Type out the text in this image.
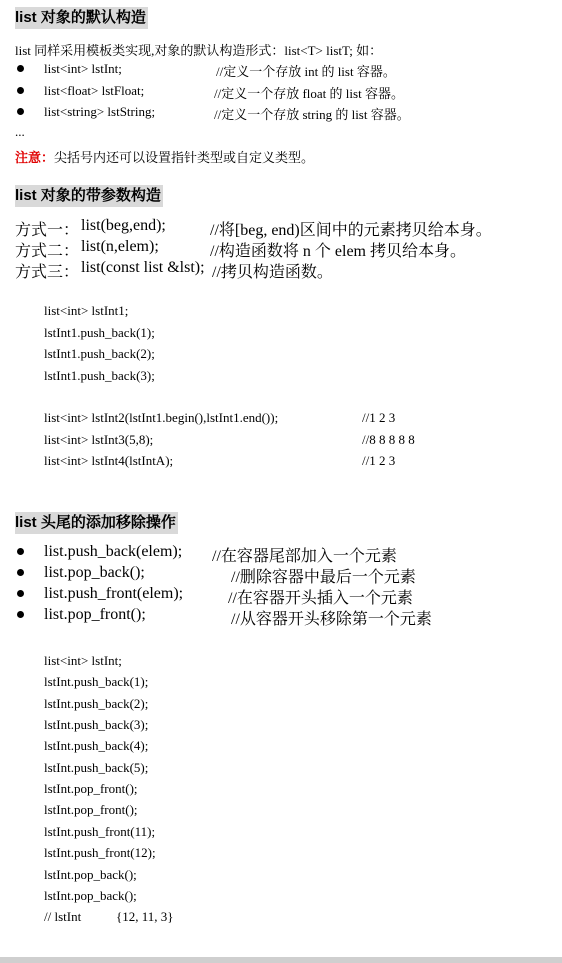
list 对象的默认构造
list 同样采用模板类实现,对象的默认构造形式：list<T> listT; 如：
list<int> lstInt;	//定义一个存放 int 的 list 容器。
list<float> lstFloat;	//定义一个存放 float 的 list 容器。
list<string> lstString;	//定义一个存放 string 的 list 容器。
...
注意：尖括号内还可以设置指针类型或自定义类型。
list 对象的带参数构造
方式一： list(beg,end);	//将[beg, end)区间中的元素拷贝给本身。
方式二： list(n,elem);	//构造函数将 n 个 elem 拷贝给本身。
方式三： list(const list &lst); //拷贝构造函数。
list<int> lstInt1;
lstInt1.push_back(1);
lstInt1.push_back(2);
lstInt1.push_back(3);
list<int> lstInt2(lstInt1.begin(),lstInt1.end());	//1 2 3
list<int> lstInt3(5,8);	//8 8 8 8 8
list<int> lstInt4(lstIntA);	//1 2 3
list 头尾的添加移除操作
list.push_back(elem); //在容器尾部加入一个元素
list.pop_back();	//删除容器中最后一个元素
list.push_front(elem);	//在容器开头插入一个元素
list.pop_front();	//从容器开头移除第一个元素
list<int> lstInt;
lstInt.push_back(1);
lstInt.push_back(2);
lstInt.push_back(3);
lstInt.push_back(4);
lstInt.push_back(5);
lstInt.pop_front();
lstInt.pop_front();
lstInt.push_front(11);
lstInt.push_front(12);
lstInt.pop_back();
lstInt.pop_back();
// lstInt	{12, 11, 3}
